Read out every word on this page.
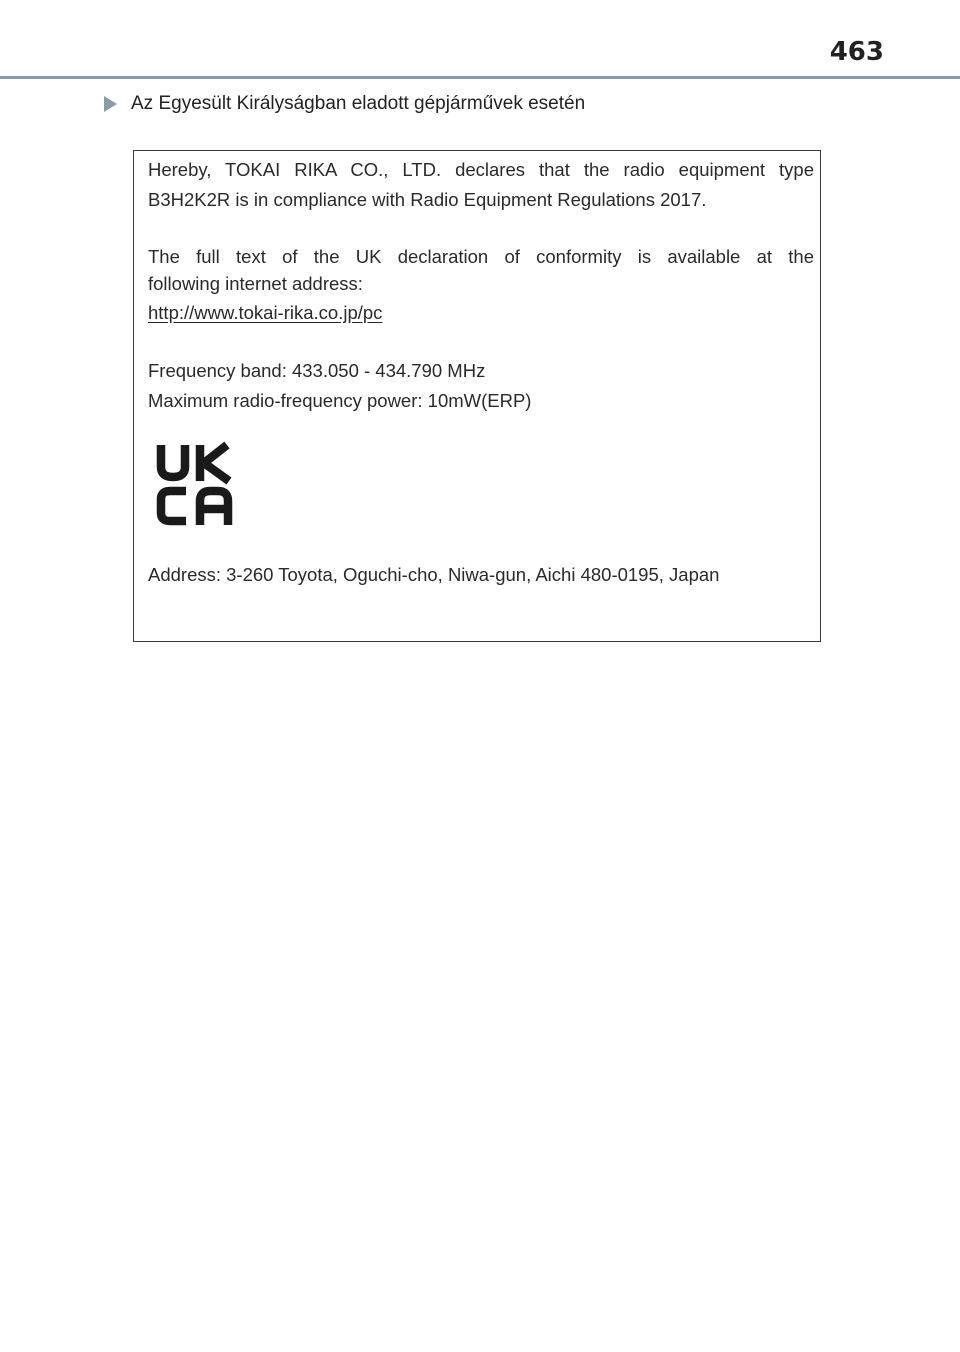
463
Az Egyesült Királyságban eladott gépjárművek esetén
Hereby, TOKAI RIKA CO., LTD. declares that the radio equipment type
B3H2K2R is in compliance with Radio Equipment Regulations 2017.
The full text of the UK declaration of conformity is available at the
following internet address:
http://www.tokai-rika.co.jp/pc
Frequency band: 433.050 - 434.790 MHz
Maximum radio-frequency power: 10mW(ERP)
Address: 3-260 Toyota, Oguchi-cho, Niwa-gun, Aichi 480-0195, Japan
